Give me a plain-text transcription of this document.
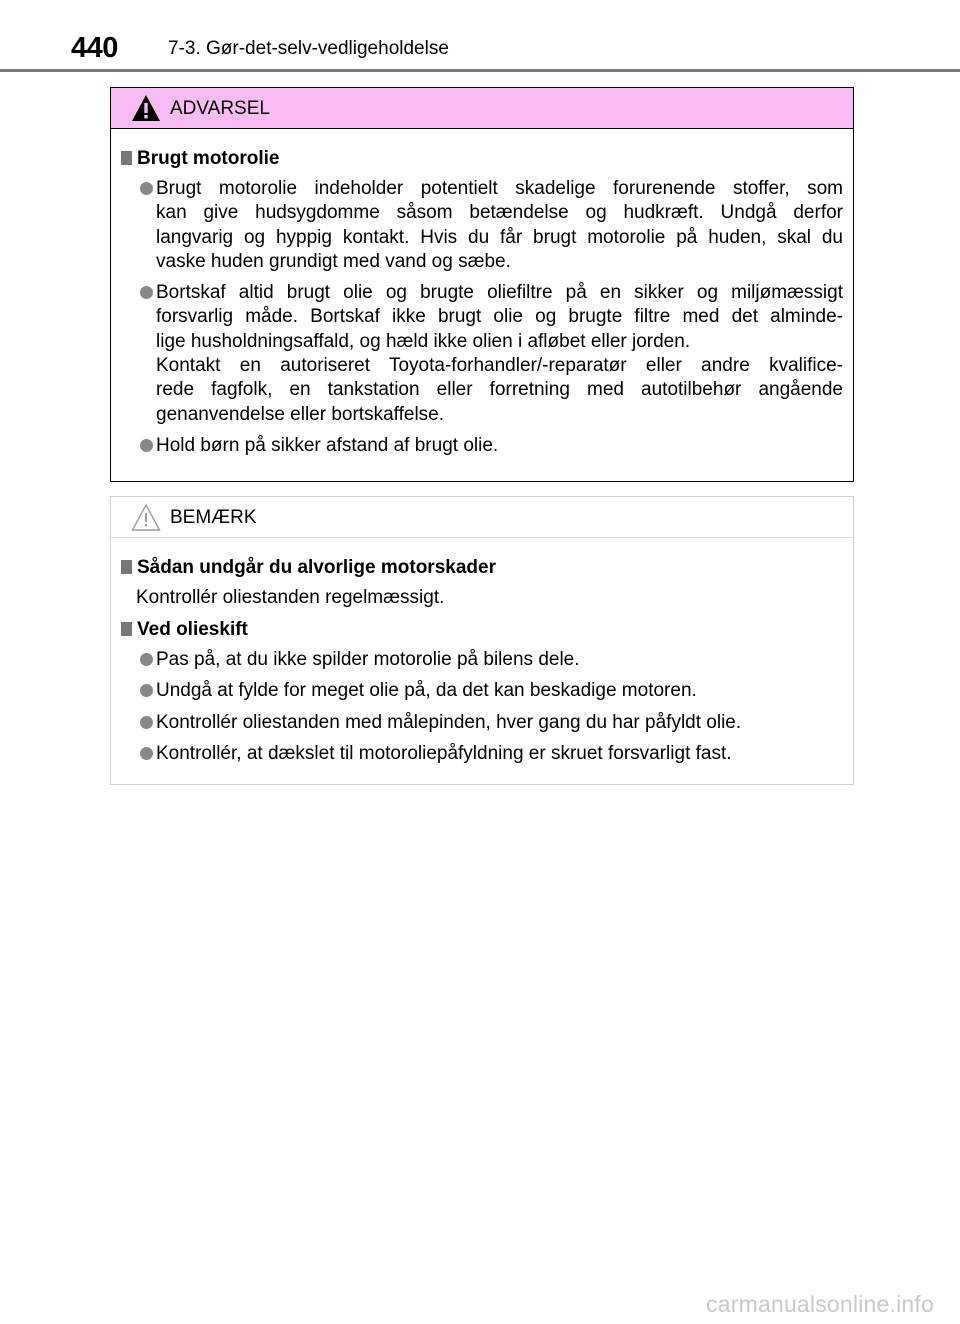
440	7-3. Gør-det-selv-vedligeholdelse
ADVARSEL
Brugt motorolie
Brugt motorolie indeholder potentielt skadelige forurenende stoffer, som
kan give hudsygdomme såsom betændelse og hudkræft. Undgå derfor
langvarig og hyppig kontakt. Hvis du får brugt motorolie på huden, skal du
vaske huden grundigt med vand og sæbe.
Bortskaf altid brugt olie og brugte oliefiltre på en sikker og miljømæssigt
forsvarlig måde. Bortskaf ikke brugt olie og brugte filtre med det alminde-
lige husholdningsaffald, og hæld ikke olien i afløbet eller jorden.
Kontakt en autoriseret Toyota-forhandler/-reparatør eller andre kvalifice-
rede fagfolk, en tankstation eller forretning med autotilbehør angående
genanvendelse eller bortskaffelse.
Hold børn på sikker afstand af brugt olie.
BEMÆRK
Sådan undgår du alvorlige motorskader
Kontrollér oliestanden regelmæssigt.
Ved olieskift
Pas på, at du ikke spilder motorolie på bilens dele.
Undgå at fylde for meget olie på, da det kan beskadige motoren.
Kontrollér oliestanden med målepinden, hver gang du har påfyldt olie.
Kontrollér, at dækslet til motoroliepåfyldning er skruet forsvarligt fast.
carmanualsonline.info
